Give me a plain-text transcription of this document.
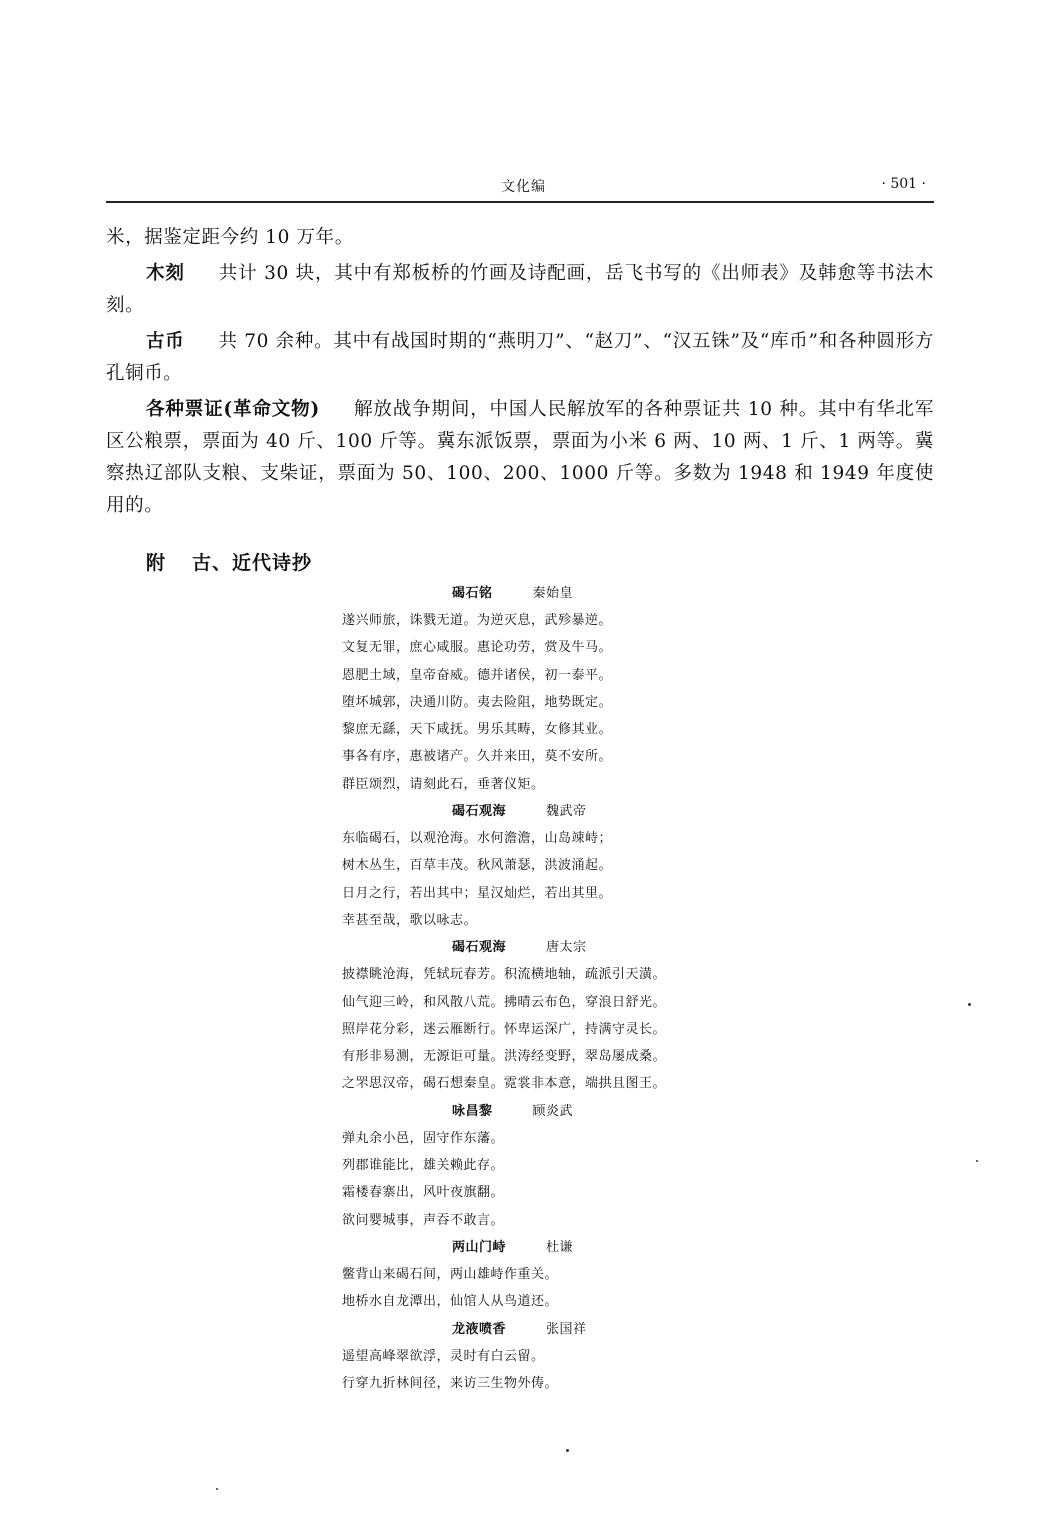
文化编	· 501 ·

米，据鉴定距今约 10 万年。

木刻 共计 30 块，其中有郑板桥的竹画及诗配画，岳飞书写的《出师表》及韩愈等书法木刻。

古币 共 70 余种。其中有战国时期的“燕明刀”、“赵刀”、“汉五铢”及“库币”和各种圆形方孔铜币。

各种票证(革命文物) 解放战争期间，中国人民解放军的各种票证共 10 种。其中有华北军区公粮票，票面为 40 斤、100 斤等。冀东派饭票，票面为小米 6 两、10 两、1 斤、1 两等。冀察热辽部队支粮、支柴证，票面为 50、100、200、1000 斤等。多数为 1948 和 1949 年度使用的。

附 古、近代诗抄
碣石铭	秦始皇
遂兴师旅，诛戮无道。为逆灭息，武殄暴逆。
文复无罪，庶心咸服。惠论功劳，赏及牛马。
恩肥土域，皇帝奋威。德并诸侯，初一泰平。
堕坏城郭，决通川防。夷去险阻，地势既定。
黎庶无繇，天下咸抚。男乐其畴，女修其业。
事各有序，惠被诸产。久并来田，莫不安所。
群臣颂烈，请刻此石，垂著仪矩。
碣石观海	魏武帝
东临碣石，以观沧海。水何澹澹，山岛竦峙；
树木丛生，百草丰茂。秋风萧瑟，洪波涌起。
日月之行，若出其中；星汉灿烂，若出其里。
幸甚至哉，歌以咏志。
碣石观海	唐太宗
披襟眺沧海，凭轼玩春芳。积流横地轴，疏派引天潢。
仙气迎三岭，和风散八荒。拂晴云布色，穿浪日舒光。
照岸花分彩，迷云雁断行。怀卑运深广，持满守灵长。
有形非易测，无源讵可量。洪涛经变野，翠岛屡成桑。
之罘思汉帝，碣石想秦皇。霓裳非本意，端拱且图王。
咏昌黎	顾炎武
弹丸余小邑，固守作东藩。
列郡谁能比，雄关赖此存。
霜楼春寨出，风叶夜旗翻。
欲问婴城事，声吞不敢言。
两山门峙	杜谦
鳖背山来碣石间，两山雄峙作重关。
地桥水自龙潭出，仙馆人从鸟道还。
龙液喷香	张国祥
遥望高峰翠欲浮，灵时有白云留。
行穿九折林间径，来访三生物外俦。
